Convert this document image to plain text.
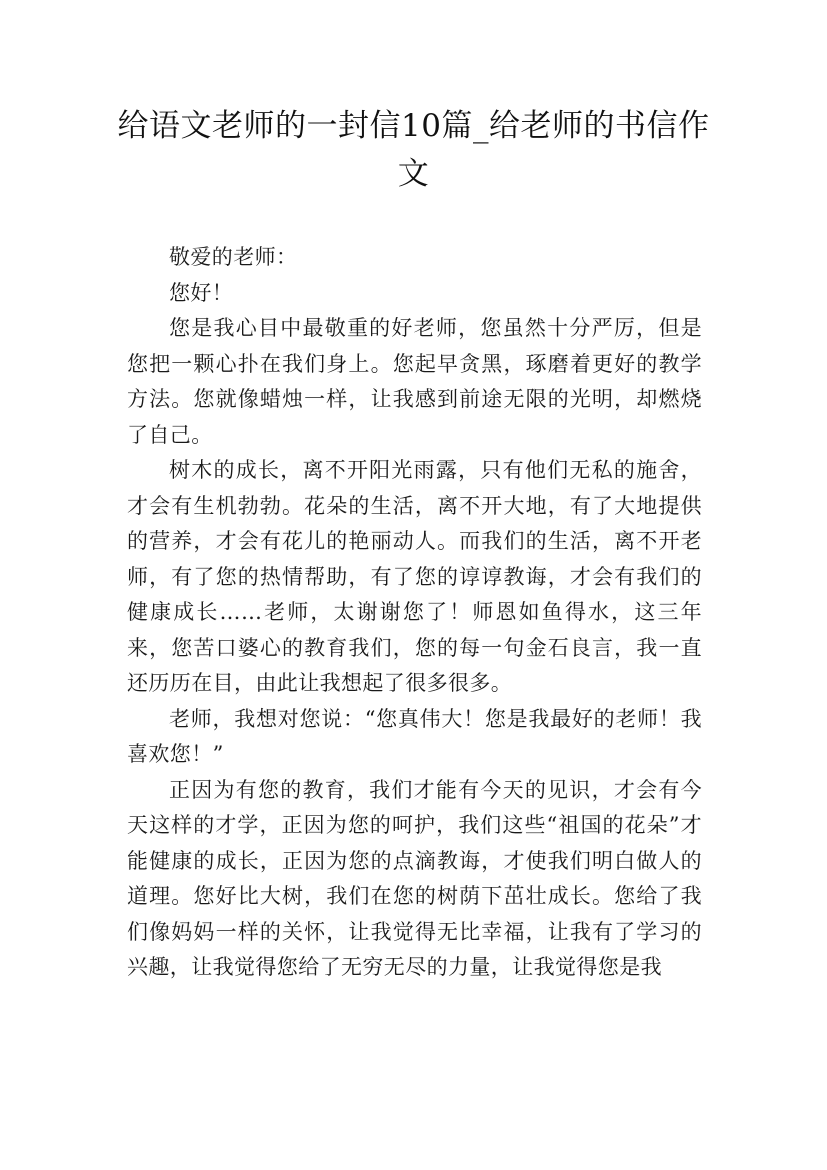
给语文老师的一封信10篇_给老师的书信作文

敬爱的老师：

您好！

您是我心目中最敬重的好老师，您虽然十分严厉，但是您把一颗心扑在我们身上。您起早贪黑，琢磨着更好的教学方法。您就像蜡烛一样，让我感到前途无限的光明，却燃烧了自己。

树木的成长，离不开阳光雨露，只有他们无私的施舍，才会有生机勃勃。花朵的生活，离不开大地，有了大地提供的营养，才会有花儿的艳丽动人。而我们的生活，离不开老师，有了您的热情帮助，有了您的谆谆教诲，才会有我们的健康成长……老师，太谢谢您了！师恩如鱼得水，这三年来，您苦口婆心的教育我们，您的每一句金石良言，我一直还历历在目，由此让我想起了很多很多。

老师，我想对您说：“您真伟大！您是我最好的老师！我喜欢您！”

正因为有您的教育，我们才能有今天的见识，才会有今天这样的才学，正因为您的呵护，我们这些“祖国的花朵”才能健康的成长，正因为您的点滴教诲，才使我们明白做人的道理。您好比大树，我们在您的树荫下茁壮成长。您给了我们像妈妈一样的关怀，让我觉得无比幸福，让我有了学习的兴趣，让我觉得您给了无穷无尽的力量，让我觉得您是我
